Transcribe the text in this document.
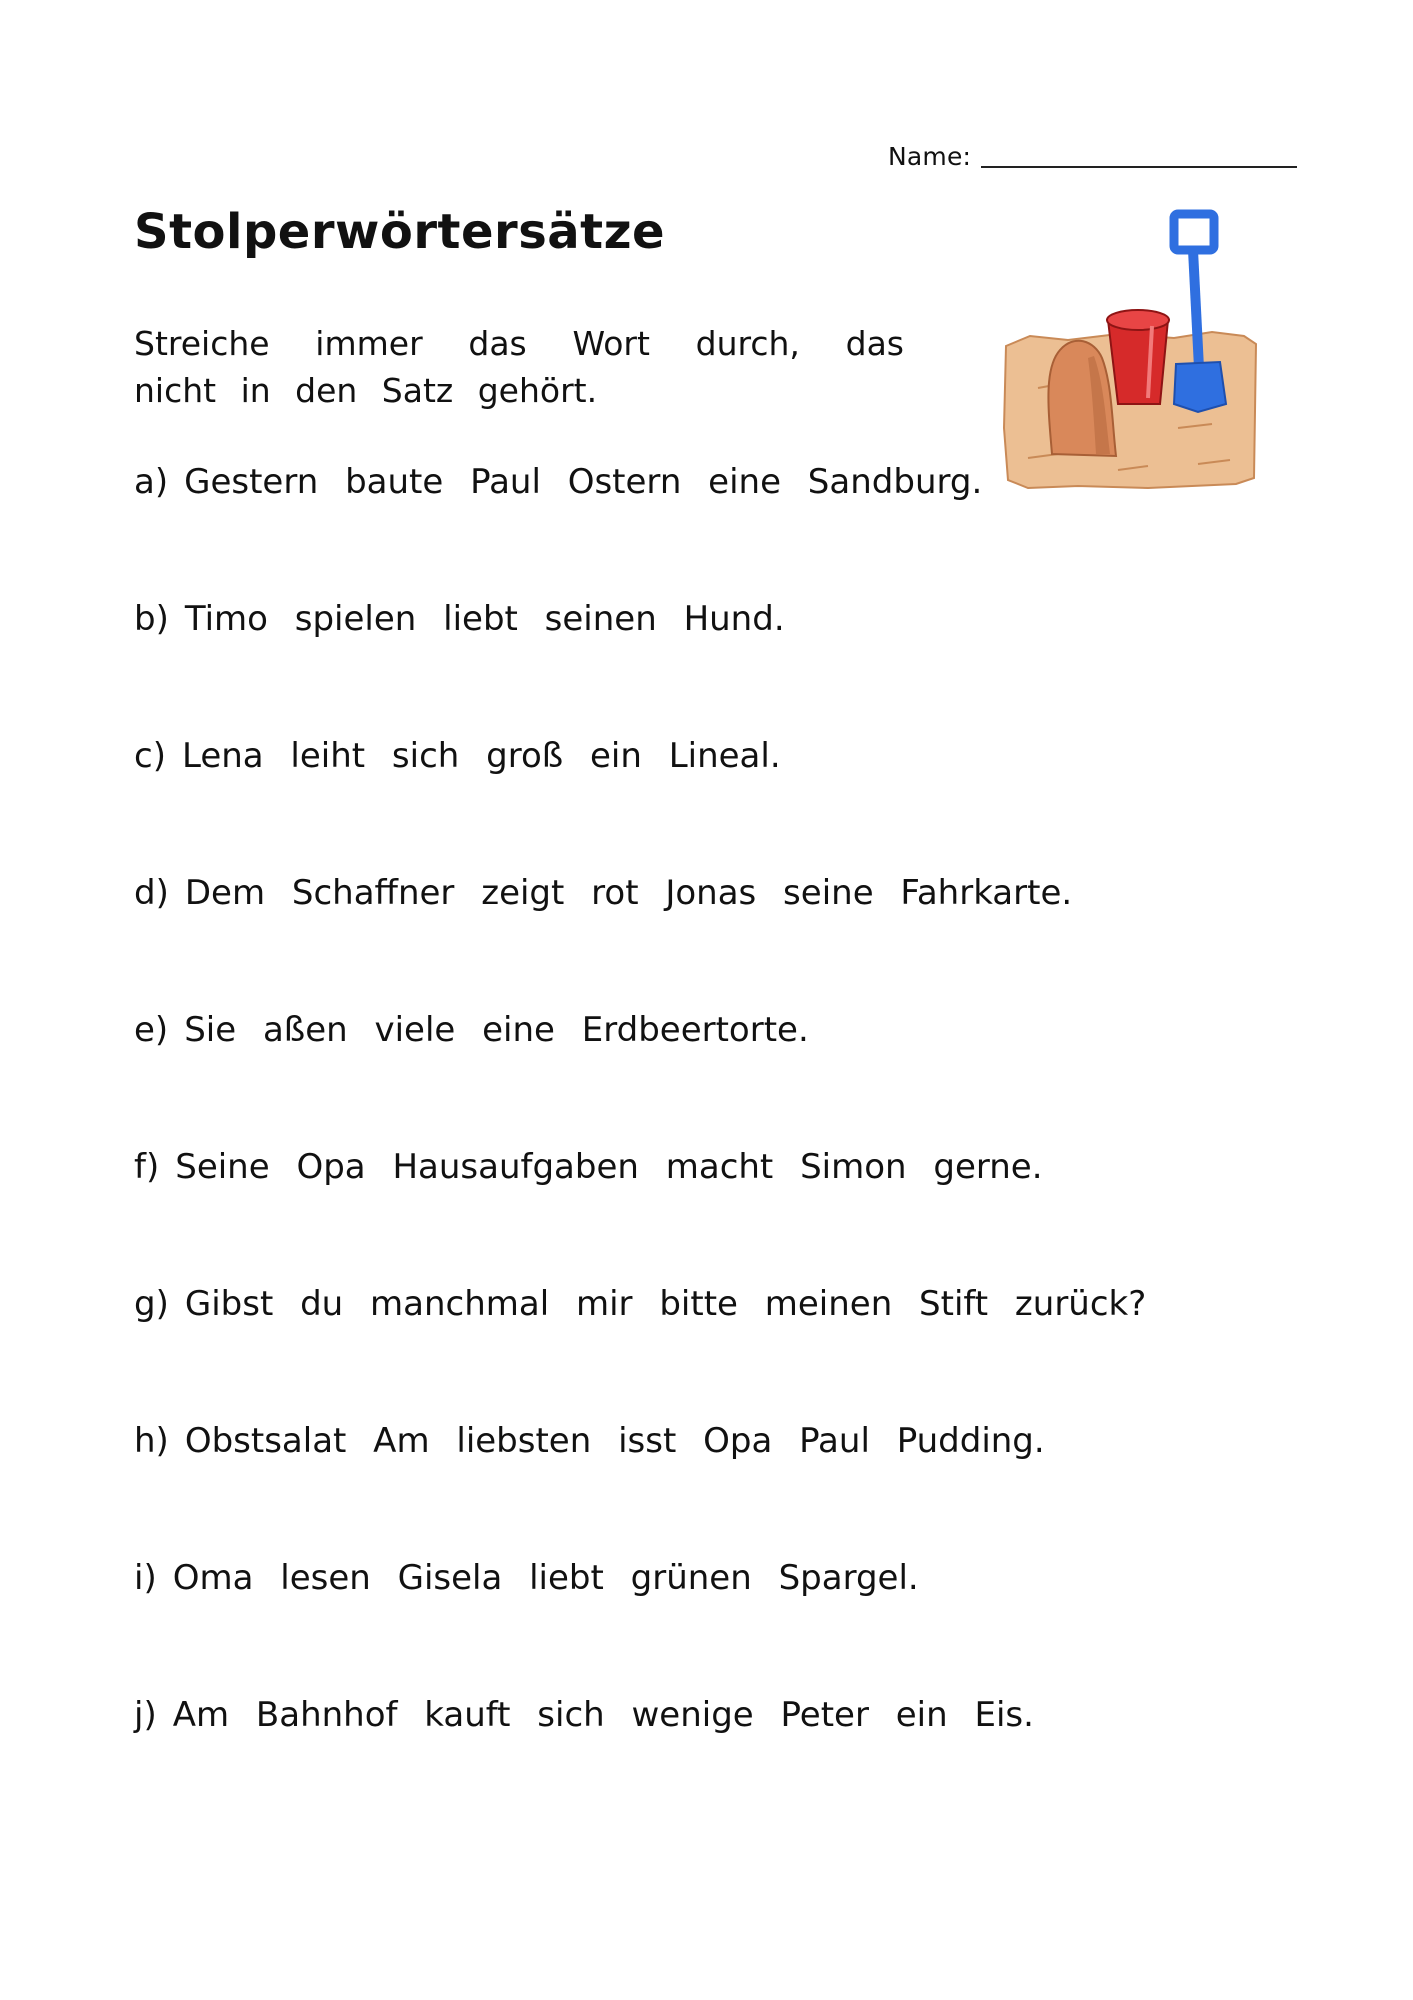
Name:
Stolperwörtersätze

Streiche immer das Wort durch, das nicht in den Satz gehört.

a) Gestern baute Paul Ostern eine Sandburg.
b) Timo spielen liebt seinen Hund.
c) Lena leiht sich groß ein Lineal.
d) Dem Schaffner zeigt rot Jonas seine Fahrkarte.
e) Sie aßen viele eine Erdbeertorte.
f) Seine Opa Hausaufgaben macht Simon gerne.
g) Gibst du manchmal mir bitte meinen Stift zurück?
h) Obstsalat Am liebsten isst Opa Paul Pudding.
i) Oma lesen Gisela liebt grünen Spargel.
j) Am Bahnhof kauft sich wenige Peter ein Eis.
